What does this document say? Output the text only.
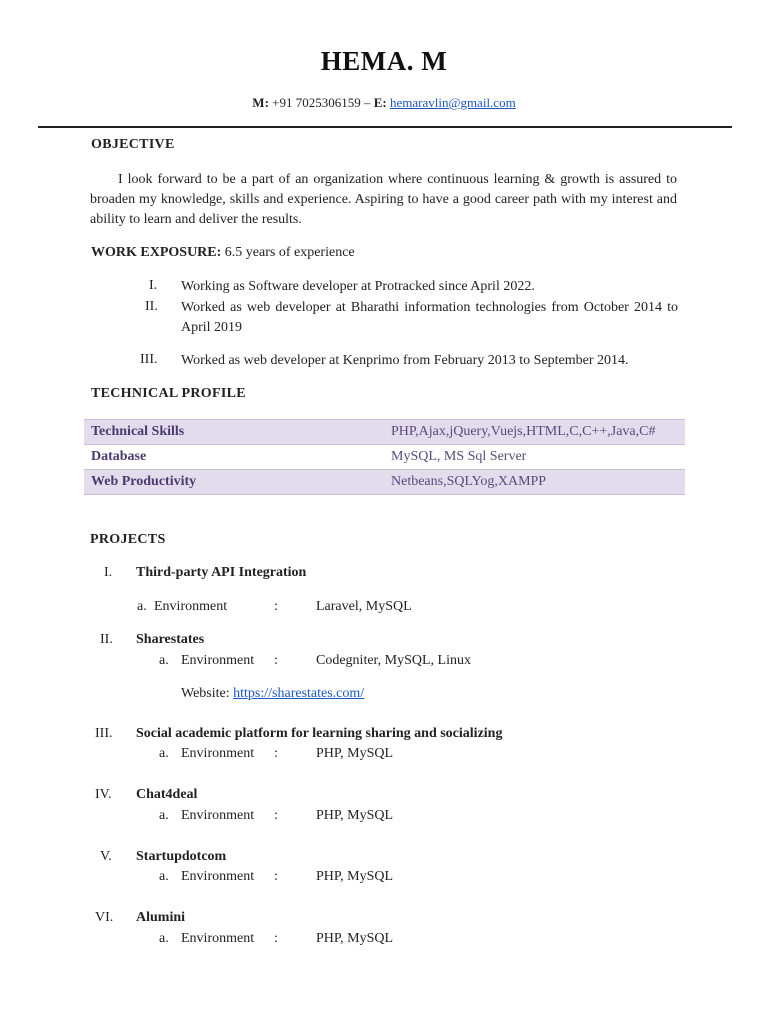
HEMA. M
M: +91 7025306159 – E: hemaravlin@gmail.com
OBJECTIVE
I look forward to be a part of an organization where continuous learning & growth is assured to broaden my knowledge, skills and experience. Aspiring to have a good career path with my interest and ability to learn and deliver the results.
WORK EXPOSURE: 6.5 years of experience
I. Working as Software developer at Protracked since April 2022.
II. Worked as web developer at Bharathi information technologies from October 2014 to April 2019
III. Worked as web developer at Kenprimo from February 2013 to September 2014.
TECHNICAL PROFILE
Technical Skills	PHP,Ajax,jQuery,Vuejs,HTML,C,C++,Java,C#
Database	MySQL, MS Sql Server
Web Productivity	Netbeans,SQLYog,XAMPP
PROJECTS
I. Third-party API Integration
a. Environment	:	Laravel, MySQL
II. Sharestates
a. Environment :	Codegniter, MySQL, Linux
Website: https://sharestates.com/
III. Social academic platform for learning sharing and socializing
a. Environment :	PHP, MySQL
IV. Chat4deal
a. Environment :	PHP, MySQL
V. Startupdotcom
a. Environment :	PHP, MySQL
VI. Alumini
a. Environment :	PHP, MySQL
